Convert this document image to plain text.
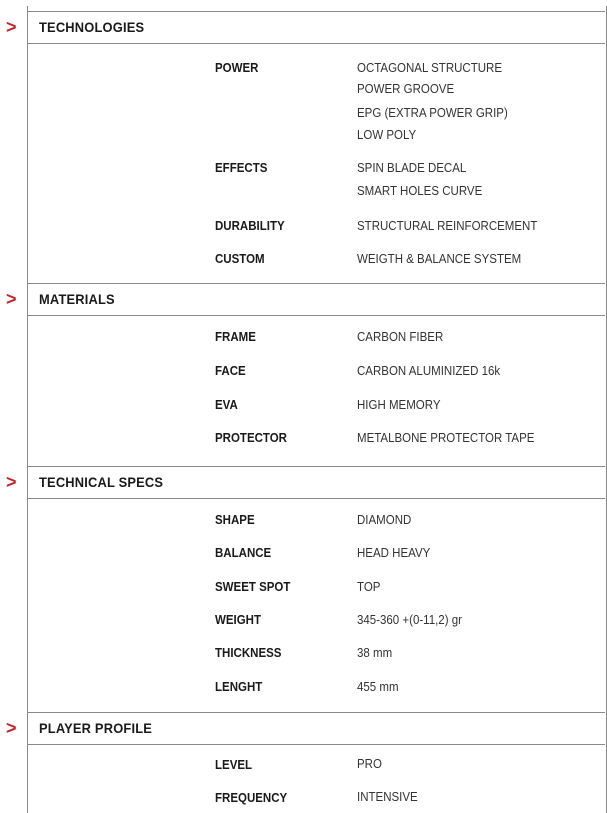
> TECHNOLOGIES
POWER	OCTAGONAL STRUCTURE
POWER GROOVE
EPG (EXTRA POWER GRIP)
LOW POLY
EFFECTS	SPIN BLADE DECAL
SMART HOLES CURVE
DURABILITY	STRUCTURAL REINFORCEMENT
CUSTOM	WEIGTH & BALANCE SYSTEM
> MATERIALS
FRAME	CARBON FIBER
FACE	CARBON ALUMINIZED 16k
EVA	HIGH MEMORY
PROTECTOR	METALBONE PROTECTOR TAPE
> TECHNICAL SPECS
SHAPE	DIAMOND
BALANCE	HEAD HEAVY
SWEET SPOT	TOP
WEIGHT	345-360 +(0-11,2) gr
THICKNESS	38 mm
LENGHT	455 mm
> PLAYER PROFILE
LEVEL	PRO
FREQUENCY	INTENSIVE
